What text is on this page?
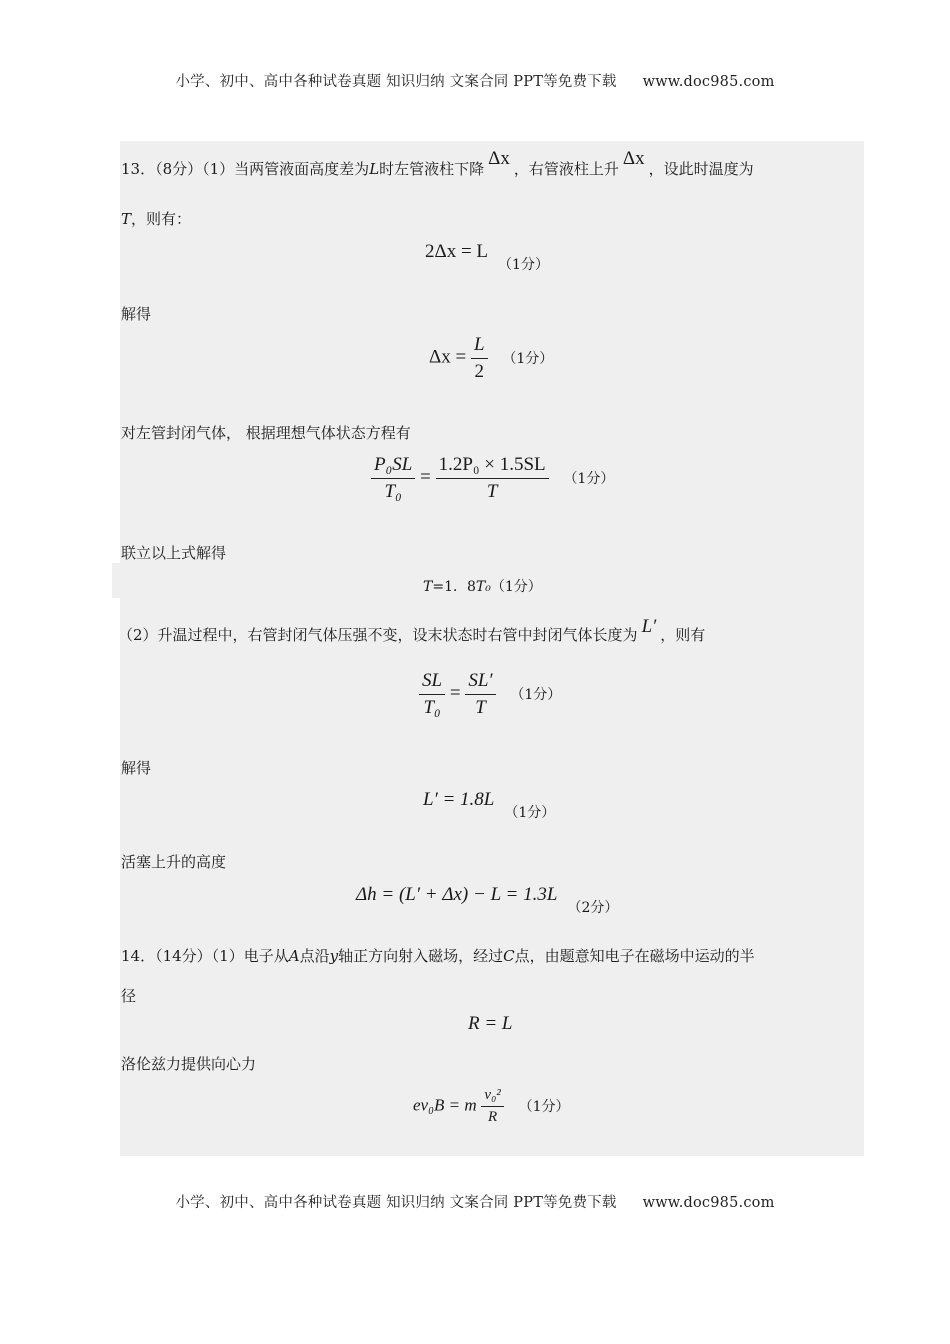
小学、初中、高中各种试卷真题 知识归纳 文案合同 PPT等免费下载 www.doc985.com
13．（8分）（1）当两管液面高度差为L时左管液柱下降 Δx ，右管液柱上升 Δx ，设此时温度为
T，则有：
2Δx = L（1分）
解得
$\Delta x = \frac{L}{2} (1$分）
对左管封闭气体， 根据理想气体状态方程有
$\frac{\text{P₀SL}}{\text{T₀}} = \frac{\text{1.2P₀ × 1.5SL}}{T} (1$分）
联立以上式解得
T=1．8T₀（1分）
（2）升温过程中，右管封闭气体压强不变，设末状态时右管中封闭气体长度为 L′ ，则有
$\frac{SL}{\text{T₀}} = \frac{SL'}{T} (1$分）
解得
L′ = 1.8L（1分）
活塞上升的高度
Δh = (L′ + Δx) − L = 1.3L（2分）
14．（14分）（1）电子从A点沿y轴正方向射入磁场，经过C点，由题意知电子在磁场中运动的半
径
R = L
洛伦兹力提供向心力
ev₀B = m $\frac{\text{v₀²}}{R} (1$分）
小学、初中、高中各种试卷真题 知识归纳 文案合同 PPT等免费下载 www.doc985.com
